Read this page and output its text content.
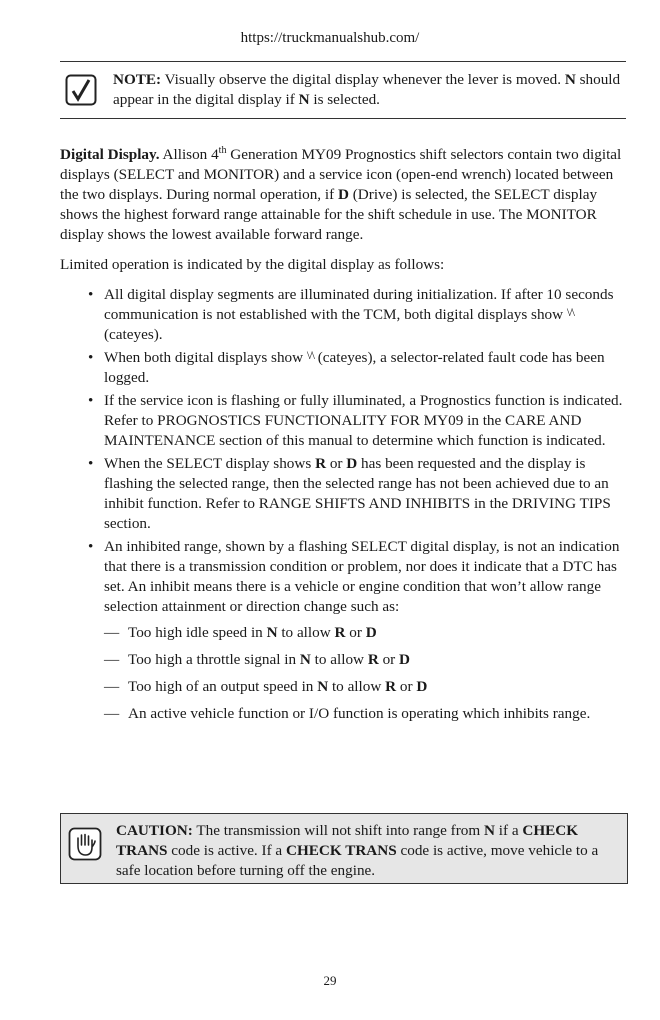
https://truckmanualshub.com/
NOTE: Visually observe the digital display whenever the lever is moved. N should appear in the digital display if N is selected.

Digital Display. Allison 4th Generation MY09 Prognostics shift selectors contain two digital displays (SELECT and MONITOR) and a service icon (open-end wrench) located between the two displays. During normal operation, if D (Drive) is selected, the SELECT display shows the highest forward range attainable for the shift schedule in use. The MONITOR display shows the lowest available forward range.

Limited operation is indicated by the digital display as follows:

• All digital display segments are illuminated during initialization. If after 10 seconds communication is not established with the TCM, both digital displays show \/\ (cateyes).
• When both digital displays show \/\ (cateyes), a selector-related fault code has been logged.
• If the service icon is flashing or fully illuminated, a Prognostics function is indicated. Refer to PROGNOSTICS FUNCTIONALITY FOR MY09 in the CARE AND MAINTENANCE section of this manual to determine which function is indicated.
• When the SELECT display shows R or D has been requested and the display is flashing the selected range, then the selected range has not been achieved due to an inhibit function. Refer to RANGE SHIFTS AND INHIBITS in the DRIVING TIPS section.
• An inhibited range, shown by a flashing SELECT digital display, is not an indication that there is a transmission condition or problem, nor does it indicate that a DTC has set. An inhibit means there is a vehicle or engine condition that won’t allow range selection attainment or direction change such as:
— Too high idle speed in N to allow R or D
— Too high a throttle signal in N to allow R or D
— Too high of an output speed in N to allow R or D
— An active vehicle function or I/O function is operating which inhibits range.
CAUTION: The transmission will not shift into range from N if a CHECK TRANS code is active. If a CHECK TRANS code is active, move vehicle to a safe location before turning off the engine.
29
